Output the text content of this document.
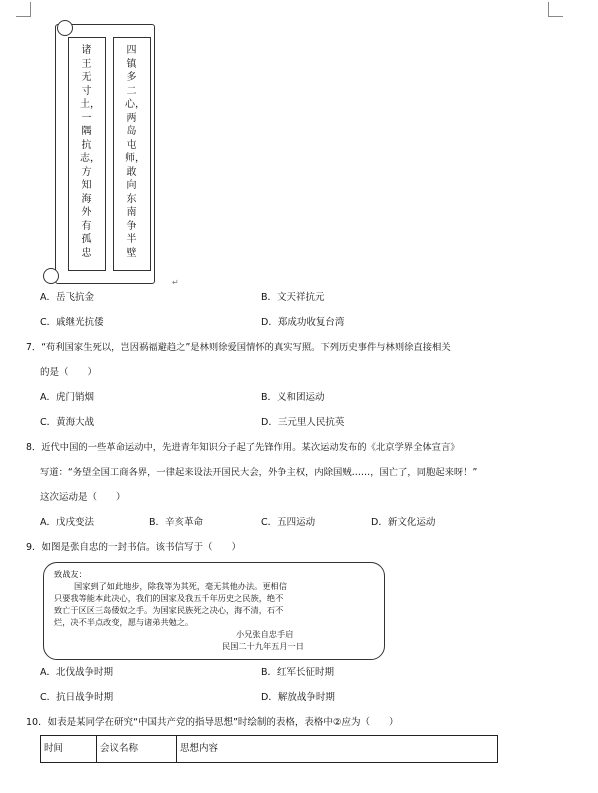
诸王无寸土，一隅抗志，方知海外有孤忠
四镇多二心，两岛屯师，敢向东南争半壁
↵
A．岳飞抗金	B．文天祥抗元
C．戚继光抗倭	D．郑成功收复台湾
7．“苟利国家生死以，岂因祸福避趋之”是林则徐爱国情怀的真实写照。下列历史事件与林则徐直接相关
的是（　　）
A．虎门销烟	B．义和团运动
C．黄海大战	D．三元里人民抗英
8．近代中国的一些革命运动中，先进青年知识分子起了先锋作用。某次运动发布的《北京学界全体宣言》
写道：“务望全国工商各界，一律起来设法开国民大会，外争主权，内除国贼……，国亡了，同胞起来呀！”
这次运动是（　　）
A．戊戌变法	B．辛亥革命	C．五四运动	D．新文化运动
9．如图是张自忠的一封书信。该书信写于（　　）
致战友：
国家到了如此地步，除我等为其死，毫无其他办法。更相信
只要我等能本此决心，我们的国家及我五千年历史之民族，绝不
致亡于区区三岛倭奴之手。为国家民族死之决心，海不清，石不
烂，决不半点改变，愿与诸弟共勉之。
小兄张自忠手启
民国二十九年五月一日
A．北伐战争时期	B．红军长征时期
C．抗日战争时期	D．解放战争时期
10．如表是某同学在研究“中国共产党的指导思想”时绘制的表格，表格中②应为（　　）
时间	会议名称	思想内容
